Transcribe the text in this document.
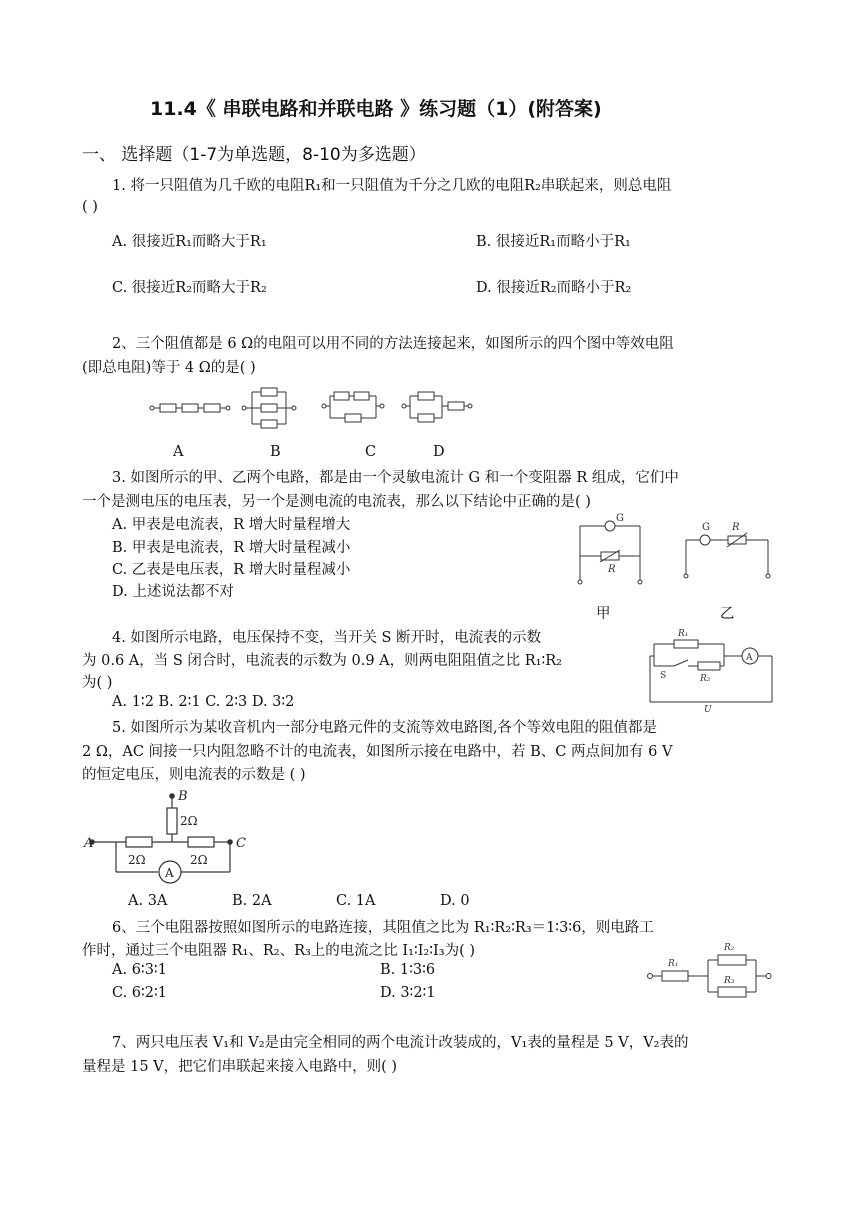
11.4《 串联电路和并联电路 》练习题（1）(附答案)
一、 选择题（1-7为单选题，8-10为多选题）
1. 将一只阻值为几千欧的电阻R₁和一只阻值为千分之几欧的电阻R₂串联起来，则总电阻
( )
A. 很接近R₁而略大于R₁	B. 很接近R₁而略小于R₁
C. 很接近R₂而略大于R₂	D. 很接近R₂而略小于R₂
2、三个阻值都是 6 Ω的电阻可以用不同的方法连接起来，如图所示的四个图中等效电阻
(即总电阻)等于 4 Ω的是( )
A	B	C	D
3. 如图所示的甲、乙两个电路，都是由一个灵敏电流计 G 和一个变阻器 R 组成，它们中
一个是测电压的电压表，另一个是测电流的电流表，那么以下结论中正确的是( )
A. 甲表是电流表，R 增大时量程增大
B. 甲表是电流表，R 增大时量程减小
C. 乙表是电压表，R 增大时量程减小
D. 上述说法都不对
G
R
G R
甲	乙
4. 如图所示电路，电压保持不变，当开关 S 断开时，电流表的示数
为 0.6 A，当 S 闭合时，电流表的示数为 0.9 A，则两电阻阻值之比 R₁∶R₂
为( )
A. 1∶2 B. 2∶1 C. 2∶3 D. 3∶2
R₁
R₂
S
A
U
5. 如图所示为某收音机内一部分电路元件的支流等效电路图,各个等效电阻的阻值都是
2 Ω，AC 间接一只内阻忽略不计的电流表，如图所示接在电路中，若 B、C 两点间加有 6 V
的恒定电压，则电流表的示数是 ( )
A
B
C
2Ω
2Ω	2Ω
A
A. 3A	B. 2A	C. 1A	D. 0
6、三个电阻器按照如图所示的电路连接，其阻值之比为 R₁∶R₂∶R₃＝1∶3∶6，则电路工
作时，通过三个电阻器 R₁、R₂、R₃上的电流之比 I₁∶I₂∶I₃为( )
A. 6∶3∶1	B. 1∶3∶6
C. 6∶2∶1	D. 3∶2∶1
R₁
R₂
R₃
7、两只电压表 V₁和 V₂是由完全相同的两个电流计改装成的，V₁表的量程是 5 V，V₂表的
量程是 15 V，把它们串联起来接入电路中，则( )
